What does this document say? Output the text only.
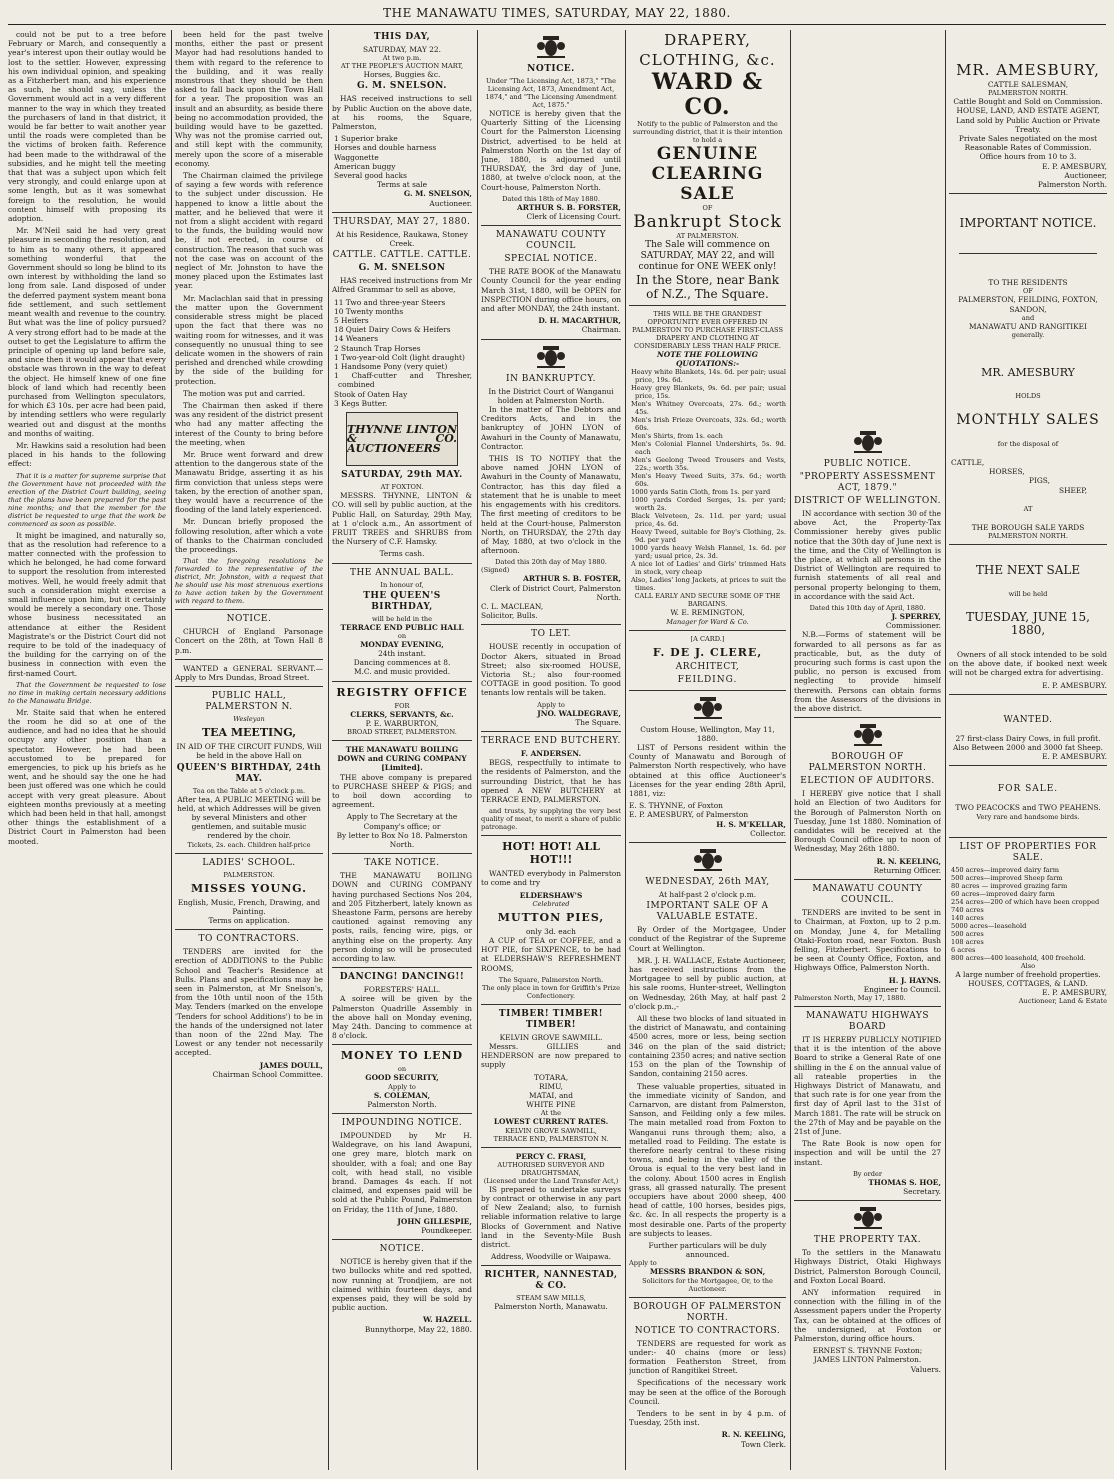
THE MANAWATU TIMES, SATURDAY, MAY 22, 1880.

could not be put to a tree before February or March, and consequently a year's interest upon their outlay would be lost to the settler. However, expressing his own individual opinion, and speaking as a Fitzherbert man, and his experience as such, he should say, unless the Government would act in a very different manner to the way in which they treated the purchasers of land in that district, it would be far better to wait another year until the roads were completed than be the victims of broken faith. Reference had been made to the withdrawal of the subsidies, and he might tell the meeting that that was a subject upon which felt very strongly, and could enlarge upon at some length, but as it was somewhat foreign to the resolution, he would content himself with proposing its adoption.

Mr. M'Neil said he had very great pleasure in seconding the resolution, and to him as to many others, it appeared something wonderful that the Government should so long be blind to its own interest by withholding the land so long from sale. Land disposed of under the deferred payment system meant bona fide settlement, and such settlement meant wealth and revenue to the country. But what was the line of policy pursued? A very strong effort had to be made at the outset to get the Legislature to affirm the principle of opening up land before sale, and since then it would appear that every obstacle was thrown in the way to defeat the object. He himself knew of one fine block of land which had recently been purchased from Wellington speculators, for which £3 10s. per acre had been paid, by intending settlers who were regularly wearied out and disgust at the months and months of waiting.

Mr. Hawkins said a resolution had been placed in his hands to the following effect:

That it is a matter for supreme surprise that the Government have not proceeded with the erection of the District Court building, seeing that the plans have been prepared for the past nine months; and that the member for the district be requested to urge that the work be commenced as soon as possible.

It might be imagined, and naturally so, that as the resolution had reference to a matter connected with the profession to which he belonged, he had come forward to support the resolution from interested motives. Well, he would freely admit that such a consideration might exercise a small influence upon him, but it certainly would be merely a secondary one. Those whose business necessitated an attendance at either the Resident Magistrate's or the District Court did not require to be told of the inadequacy of the building for the carrying on of the business in connection with even the first-named Court.

That the Government be requested to lose no time in making certain necessary additions to the Manawatu Bridge.

Mr. Staite said that when he entered the room he did so at one of the audience, and had no idea that he should occupy any other position than a spectator. However, he had been accustomed to be prepared for emergencies, to pick up his briefs as he went, and he should say the one he had been just offered was one which he could accept with very great pleasure. About eighteen months previously at a meeting which had been held in that hall, amongst other things the establishment of a District Court in Palmerston had been mooted.

been held for the past twelve months, either the past or present Mayor had had resolutions handed to them with regard to the reference to the building, and it was really monstrous that they should be then asked to fall back upon the Town Hall for a year. The proposition was an insult and an absurdity, as beside there being no accommodation provided, the building would have to be gazetted. Why was not the promise carried out, and still kept with the community, merely upon the score of a miserable economy.

The Chairman claimed the privilege of saying a few words with reference to the subject under discussion. He happened to know a little about the matter, and he believed that were it not from a slight accident with regard to the funds, the building would now be, if not erected, in course of construction. The reason that such was not the case was on account of the neglect of Mr. Johnston to have the money placed upon the Estimates last year.

Mr. Maclachlan said that in pressing the matter upon the Government considerable stress might be placed upon the fact that there was no waiting room for witnesses, and it was consequently no unusual thing to see delicate women in the showers of rain perished and drenched while crowding by the side of the building for protection.

The motion was put and carried.

The Chairman then asked if there was any resident of the district present who had any matter affecting the interest of the County to bring before the meeting, when

Mr. Bruce went forward and drew attention to the dangerous state of the Manawatu Bridge, asserting it as his firm conviction that unless steps were taken, by the erection of another span, they would have a recurrence of the flooding of the land lately experienced.

Mr. Duncan briefly proposed the following resolution, after which a vote of thanks to the Chairman concluded the proceedings.

That the foregoing resolutions be forwarded to the representative of the district, Mr. Johnston, with a request that he should use his most strenuous exertions to have action taken by the Government with regard to them.

NOTICE.

CHURCH of England Parsonage Concert on the 28th, at Town Hall 8 p.m.

WANTED a GENERAL SERVANT.—Apply to Mrs Dundas, Broad Street.

PUBLIC HALL, PALMERSTON N.
Wesleyan
TEA MEETING,
IN AID OF THE CIRCUIT FUNDS, Will be held in the above Hall on
QUEEN'S BIRTHDAY, 24th MAY.
Tea on the Table at 5 o'clock p.m.
After tea, A PUBLIC MEETING will be held, at which Addresses will be given by several Ministers and other gentlemen, and suitable music rendered by the choir.
Tickets, 2s. each. Children half-price
LADIES' SCHOOL.
PALMERSTON.
MISSES YOUNG.
English, Music, French, Drawing, and Painting.
Terms on application.
TO CONTRACTORS.

TENDERS are invited for the erection of ADDITIONS to the Public School and Teacher's Residence at Bulls. Plans and specifications may be seen in Palmerston, at Mr Snelson's, from the 10th until noon of the 15th May. Tenders (marked on the envelope 'Tenders for school Additions') to be in the hands of the undersigned not later than noon of the 22nd May. The Lowest or any tender not necessarily accepted.

JAMES DOULL,
Chairman School Committee.
THIS DAY,
SATURDAY, MAY 22.
At two p.m.
AT THE PEOPLE'S AUCTION MART,
Horses, Buggies &c.
G. M. SNELSON.

HAS received instructions to sell by Public Auction on the above date, at his rooms, the Square, Palmerston,

1 Superior brake
Horses and double harness
Waggonette
American buggy
Several good hacks
Terms at sale
G. M. SNELSON,
Auctioneer.
THURSDAY, MAY 27, 1880.
At his Residence, Raukawa, Stoney Creek.
CATTLE. CATTLE. CATTLE.
G. M. SNELSON

HAS received instructions from Mr Alfred Grammar to sell as above,

11 Two and three-year Steers
10 Twenty months
5 Heifers
18 Quiet Dairy Cows & Heifers
14 Weaners
2 Staunch Trap Horses
1 Two-year-old Colt (light draught)
1 Handsome Pony (very quiet)
1 Chaff-cutter and Thresher, combined
Stook of Oaten Hay
3 Kegs Butter.
THYNNE LINTON & CO. AUCTIONEERS
SATURDAY, 29th MAY.
AT FOXTON.

MESSRS. THYNNE, LINTON & CO. will sell by public auction, at the Public Hall, on Saturday, 29th May, at 1 o'clock a.m., An assortment of FRUIT TREES and SHRUBS from the Nursery of C.F. Hamsky.

Terms cash.
THE ANNUAL BALL.
In honour of,
THE QUEEN'S BIRTHDAY,
will be held in the
TERRACE END PUBLIC HALL
on
MONDAY EVENING,
24th instant.
Dancing commences at 8.
M.C. and music provided.
REGISTRY OFFICE
FOR
CLERKS, SERVANTS, &c.
P. E. WARBURTON,
BROAD STREET, PALMERSTON.
THE MANAWATU BOILING DOWN and CURING COMPANY [Limited].

THE above company is prepared to PURCHASE SHEEP & PIGS; and to boil down according to agreement.

Apply to The Secretary at the Company's office; or
By letter to Box No 18. Palmerston North.
TAKE NOTICE.

THE MANAWATU BOILING DOWN and CURING COMPANY having purchased Sections Nos 204, and 205 Fitzherbert, lately known as Sheastone Farm, persons are hereby cautioned against removing any posts, rails, fencing wire, pigs, or anything else on the property. Any person doing so will be prosecuted according to law.

DANCING! DANCING!!
FORESTERS' HALL.

A soiree will be given by the Palmerston Quadrille Assembly in the above hall on Monday evening, May 24th. Dancing to commence at 8 o'clock.

MONEY TO LEND
on
GOOD SECURITY,
Apply to
S. COLEMAN,
Palmerston North.
IMPOUNDING NOTICE.

IMPOUNDED by Mr H. Waldegrave, on his land Awapuni, one grey mare, blotch mark on shoulder, with a foal; and one Bay colt, with head stall, no visible brand. Damages 4s each. If not claimed, and expenses paid will be sold at the Public Pound, Palmerston on Friday, the 11th of June, 1880.

JOHN GILLESPIE,
Poundkeeper.
NOTICE.

NOTICE is hereby given that if the two bullocks white and red spotted, now running at Trondjiem, are not claimed within fourteen days, and expenses paid, they will be sold by public auction.

W. HAZELL.
Bunnythorpe, May 22, 1880.
NOTICE.
Under "The Licensing Act, 1873," "The Licensing Act, 1873, Amendment Act, 1874," and "The Licensing Amendment Act, 1875."

NOTICE is hereby given that the Quarterly Sitting of the Licensing Court for the Palmerston Licensing District, advertised to be held at Palmerston North on the 1st day of June, 1880, is adjourned until THURSDAY, the 3rd day of June, 1880, at twelve o'clock noon, at the Court-house, Palmerston North.

Dated this 18th of May 1880.
ARTHUR S. B. FORSTER,
Clerk of Licensing Court.
MANAWATU COUNTY COUNCIL
SPECIAL NOTICE.

THE RATE BOOK of the Manawatu County Council for the year ending March 31st, 1880, will be OPEN for INSPECTION during office hours, on and after MONDAY, the 24th instant.

D. H. MACARTHUR,
Chairman.
IN BANKRUPTCY.
In the District Court of Wanganui holden at Palmerston North.

In the matter of The Debtors and Creditors Acts, and in the bankruptcy of JOHN LYON of Awahuri in the County of Manawatu, Contractor.

THIS IS TO NOTIFY that the above named JOHN LYON of Awahuri in the County of Manawatu, Contractor, has this day filed a statement that he is unable to meet his engagements with his creditors. The first meeting of creditors to be held at the Court-house, Palmerston North, on THURSDAY, the 27th day of May, 1880, at two o'clock in the afternoon.

Dated this 20th day of May 1880.
(Signed)
ARTHUR S. B. FOSTER,
Clerk of District Court, Palmerston North.
C. L. MACLEAN,
Solicitor, Bulls.
TO LET.

HOUSE recently in occupation of Doctor Akers, situated in Broad Street; also six-roomed HOUSE, Victoria St.; also four-roomed COTTAGE in good position. To good tenants low rentals will be taken.

Apply to
JNO. WALDEGRAVE,
The Square.
TERRACE END BUTCHERY.
F. ANDERSEN.

BEGS, respectfully to intimate to the residents of Palmerston, and the surrounding District, that he has opened A NEW BUTCHERY at TERRACE END, PALMERSTON.

and trusts, by supplying the very best quality of meat, to merit a share of public patronage.

HOT! HOT! ALL HOT!!!

WANTED everybody in Palmerston to come and try

ELDERSHAW'S
Celebrated
MUTTON PIES,
only 3d. each

A CUP of TEA or COFFEE, and a HOT PIE, for SIXPENCE, to be had at ELDERSHAW'S REFRESHMENT ROOMS,

The Square, Palmerston North.
The only place in town for Griffith's Prize Confectionery.
TIMBER! TIMBER! TIMBER!
KELVIN GROVE SAWMILL.

Messrs. GILLIES and HENDERSON are now prepared to supply

TOTARA,
RIMU,
MATAI, and
WHITE PINE
At the
LOWEST CURRENT RATES.
KELVIN GROVE SAWMILL,
TERRACE END, PALMERSTON N.
PERCY C. FRASI,
AUTHORISED SURVEYOR AND DRAUGHTSMAN,
(Licensed under the Land Transfer Act,)

IS prepared to undertake surveys by contract or otherwise in any part of New Zealand; also, to furnish reliable information relative to large Blocks of Government and Native land in the Seventy-Mile Bush district.

Address, Woodville or Waipawa.
RICHTER, NANNESTAD, & CO.
STEAM SAW MILLS,
Palmerston North, Manawatu.
DRAPERY, CLOTHING, &c.
WARD & CO.
Notify to the public of Palmerston and the surrounding district, that it is their intention to hold a
GENUINE CLEARING SALE
OF
Bankrupt Stock
AT PALMERSTON.
The Sale will commence on SATURDAY, MAY 22, and will continue for ONE WEEK only!
In the Store, near Bank of N.Z., The Square.
THIS WILL BE THE GRANDEST OPPORTUNITY EVER OFFERED IN PALMERSTON TO PURCHASE FIRST-CLASS DRAPERY AND CLOTHING AT CONSIDERABLY LESS THAN HALF PRICE.
NOTE THE FOLLOWING QUOTATIONS:-
Heavy white Blankets, 14s. 6d. per pair; usual price, 19s. 6d.
Heavy grey Blankets, 9s. 6d. per pair; usual price, 15s.
Men's Whitney Overcoats, 27s. 6d.; worth 45s.
Men's Irish Frieze Overcoats, 32s. 6d.; worth 60s.
Men's Shirts, from 1s. each
Men's Colonial Flannel Undershirts, 5s. 9d. each
Men's Geelong Tweed Trousers and Vests, 22s.; worth 35s.
Men's Heavy Tweed Suits, 37s. 6d.; worth 60s.
1000 yards Satin Cloth, from 1s. per yard
1000 yards Corded Serges, 1s. per yard; worth 2s.
Black Velveteen, 2s. 11d. per yard; usual price, 4s. 6d.
Heavy Tweed, suitable for Boy's Clothing, 2s. 9d. per yard
1000 yards heavy Welsh Flannel, 1s. 6d. per yard; usual price, 2s. 3d.
A nice lot of Ladies' and Girls' trimmed Hats in stock, very cheap
Also, Ladies' long Jackets, at prices to suit the times.
CALL EARLY AND SECURE SOME OF THE BARGAINS.
W. E. REMINGTON,
Manager for Ward & Co.
[A CARD.]
F. DE J. CLERE,
ARCHITECT,
FEILDING.
Custom House, Wellington, May 11, 1880.

LIST of Persons resident within the County of Manawatu and Borough of Palmerston North respectively, who have obtained at this office Auctioneer's Licenses for the year ending 28th April, 1881, viz:

E. S. THYNNE, of Foxton
E. P. AMESBURY, of Palmerston
H. S. M'KELLAR,
Collector.
WEDNESDAY, 26th MAY,
At half-past 2 o'clock p.m.
IMPORTANT SALE OF A VALUABLE ESTATE.

By Order of the Mortgagee, Under conduct of the Registrar of the Supreme Court at Wellington.

MR. J. H. WALLACE, Estate Auctioneer, has received instructions from the Mortgagee to sell by public auction, at his sale rooms, Hunter-street, Wellington on Wednesday, 26th May, at half past 2 o'clock p.m.,-

All these two blocks of land situated in the district of Manawatu, and containing 4500 acres, more or less, being section 346 on the plan of the said district; containing 2350 acres; and native section 153 on the plan of the Township of Sandon, containing 2150 acres.

These valuable properties, situated in the immediate vicinity of Sandon, and Carnarvon, are distant from Palmerston, Sanson, and Feilding only a few miles. The main metalled road from Foxton to Wanganui runs through them; also, a metalled road to Feilding. The estate is therefore nearly central to these rising towns, and being in the valley of the Oroua is equal to the very best land in the colony. About 1500 acres in English grass, all grassed naturally. The present occupiers have about 2000 sheep, 400 head of cattle, 100 horses, besides pigs, &c. &c. In all respects the property is a most desirable one. Parts of the property are subjects to leases.

Further particulars will be duly announced.
Apply to
MESSRS BRANDON & SON,
Solicitors for the Mortgagee, Or, to the Auctioneer.
BOROUGH OF PALMERSTON NORTH.
NOTICE TO CONTRACTORS.

TENDERS are requested for work as under:- 40 chains (more or less) formation Featherston Street, from junction of Rangitikei Street.

Specifications of the necessary work may be seen at the office of the Borough Council.

Tenders to be sent in by 4 p.m. of Tuesday, 25th inst.

R. N. KEELING,
Town Clerk.
PUBLIC NOTICE.
"PROPERTY ASSESSMENT ACT, 1879."
DISTRICT OF WELLINGTON.

IN accordance with section 30 of the above Act, the Property-Tax Commissioner hereby gives public notice that the 30th day of June next is the time, and the City of Wellington is the place, at which all persons in the District of Wellington are required to furnish statements of all real and personal property belonging to them, in accordance with the said Act.

Dated this 10th day of April, 1880.
J. SPERREY,
Commissioner.

N.B.—Forms of statement will be forwarded to all persons as far as practicable, but, as the duty of procuring such forms is cast upon the public, no person is excused from neglecting to provide himself therewith. Persons can obtain forms from the Assessors of the divisions in the above district.

BOROUGH OF PALMERSTON NORTH.
ELECTION OF AUDITORS.

I HEREBY give notice that I shall hold an Election of two Auditors for the Borough of Palmerston North on Tuesday, June 1st 1880. Nomination of candidates will be received at the Borough Council office up to noon of Wednesday, May 26th 1880.

R. N. KEELING,
Returning Officer.
MANAWATU COUNTY COUNCIL.

TENDERS are invited to be sent in to Chairman, at Foxton, up to 2 p.m. on Monday, June 4, for Metalling Otaki-Foxton road, near Foxton. Bush felling, Fitzherbert. Specifications to be seen at County Office, Foxton, and Highways Office, Palmerston North.

H. J. HAYNS.
Engineer to Council.
Palmerston North, May 17, 1880.
MANAWATU HIGHWAYS BOARD

IT IS HEREBY PUBLICLY NOTIFIED that it is the intention of the above Board to strike a General Rate of one shilling in the £ on the annual value of all rateable properties in the Highways District of Manawatu, and that such rate is for one year from the first day of April last to the 31st of March 1881. The rate will be struck on the 27th of May and be payable on the 21st of June.

The Rate Book is now open for inspection and will be until the 27 instant.

By order
THOMAS S. HOE,
Secretary.
THE PROPERTY TAX.

To the settlers in the Manawatu Highways District, Otaki Highways District, Palmerston Borough Council, and Foxton Local Board.

ANY information required in connection with the filling in of the Assessment papers under the Property Tax, can be obtained at the offices of the undersigned, at Foxton or Palmerston, during office hours.

ERNEST S. THYNNE Foxton;
JAMES LINTON Palmerston.
Valuers.
MR. AMESBURY,
CATTLE SALESMAN,
PALMERSTON NORTH.
Cattle Bought and Sold on Commission.
HOUSE, LAND, AND ESTATE AGENT,
Land sold by Public Auction or Private Treaty.
Private Sales negotiated on the most Reasonable Rates of Commission.
Office hours from 10 to 3.
E. P. AMESBURY,
Auctioneer,
Palmerston North.
IMPORTANT NOTICE.
TO THE RESIDENTS
OF
PALMERSTON, FEILDING, FOXTON, SANDON,
and
MANAWATU AND RANGITIKEI
generally.
MR. AMESBURY
HOLDS
MONTHLY SALES
for the disposal of
CATTLE,
HORSES,
PIGS,
SHEEP,
AT
THE BOROUGH SALE YARDS
PALMERSTON NORTH.
THE NEXT SALE
will be held
TUESDAY, JUNE 15, 1880,

Owners of all stock intended to be sold on the above date, if booked next week will not be charged extra for advertising.

E. P. AMESBURY.
WANTED.
27 first-class Dairy Cows, in full profit. Also Between 2000 and 3000 fat Sheep.
E. P. AMESBURY.
FOR SALE.
TWO PEACOCKS and TWO PEAHENS.
Very rare and handsome birds.
LIST OF PROPERTIES FOR SALE.
450 acres—improved dairy farm
500 acres—improved Sheep farm
80 acres — improved grazing farm
60 acres—improved dairy farm
254 acres—200 of which have been cropped
740 acres
140 acres
5000 acres—leasehold
500 acres
108 acres
6 acres
800 acres—400 leasehold, 400 freehold.
Also
A large number of freehold properties.
HOUSES, COTTAGES, & LAND.
E. P. AMESBURY,
Auctioneer, Land & Estate
